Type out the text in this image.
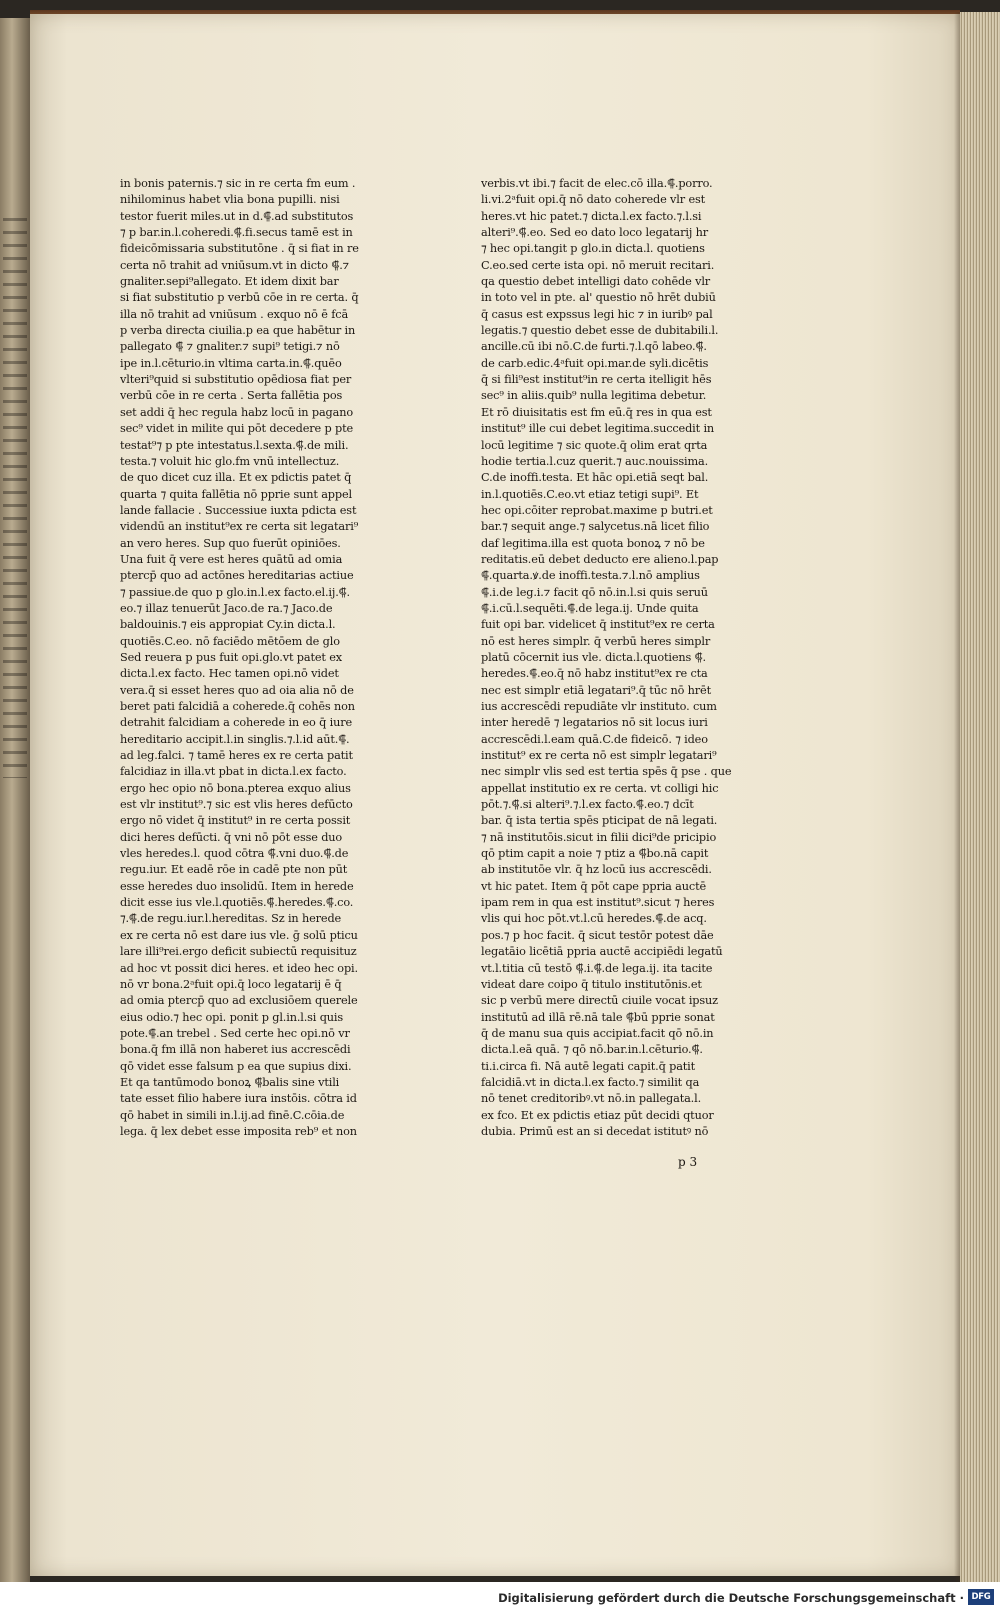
in bonis paternis.⁊ sic in re certa fm eum .
nihilominus habet vlia bona pupilli. nisi
testor fuerit miles.ut in d.⸿.ad substitutos
⁊ p bar.in.l.coheredi.⸿.fi.secus tamē est in
fideicōmissaria substitutōne . q̄ si fiat in re
certa nō trahit ad vniūsum.vt in dicto ⸿.⁊
gnaliter.sepi⁹allegato. Et idem dixit bar
si fiat substitutio p verbū cōe in re certa. q̄
illa nō trahit ad vniūsum . exquo nō ē fcā
p verba directa ciuilia.p ea que habētur in
pallegato ⸿ ⁊ gnaliter.⁊ supi⁹ tetigi.⁊ nō
ipe in.l.cēturio.in vltima carta.in.⸿.quēo
vlteri⁹quid si substitutio opēdiosa fiat per
verbū cōe in re certa . Serta fallētia pos
set addi q̄ hec regula habz locū in pagano
sec⁹ videt in milite qui pōt decedere p pte
testat⁹⁊ p pte intestatus.l.sexta.⸿.de mili.
testa.⁊ voluit hic glo.fm vnū intellectuz.
de quo dicet cuz illa. Et ex pdictis patet q̄
quarta ⁊ quita fallētia nō pprie sunt appel
lande fallacie . Successiue iuxta pdicta est
videndū an institut⁹ex re certa sit legatari⁹
an vero heres. Sup quo fuerūt opiniōes.
Una fuit q̄ vere est heres quātū ad omia
ptercp̄ quo ad actōnes hereditarias actiue
⁊ passiue.de quo p glo.in.l.ex facto.el.ij.⸿.
eo.⁊ illaz tenuerūt Jaco.de ra.⁊ Jaco.de
baldouinis.⁊ eis appropiat Cy.in dicta.l.
quotiēs.C.eo. nō faciēdo mētōem de glo
Sed reuera p pus fuit opi.glo.vt patet ex
dicta.l.ex facto. Hec tamen opi.nō videt
vera.q̄ si esset heres quo ad oia alia nō de
beret pati falcidiā a coherede.q̄ cohēs non
detrahit falcidiam a coherede in eo q̄ iure
hereditario accipit.l.in singlis.⁊.l.id aūt.⸿.
ad leg.falci. ⁊ tamē heres ex re certa patit
falcidiaz in illa.vt pbat in dicta.l.ex facto.
ergo hec opio nō bona.pterea exquo alius
est vlr institut⁹.⁊ sic est vlis heres defūcto
ergo nō videt q̄ institut⁹ in re certa possit
dici heres defūcti. q̄ vni nō pōt esse duo
vles heredes.l. quod cōtra ⸿.vni duo.⸿.de
regu.iur. Et eadē rōe in cadē pte non pūt
esse heredes duo insolidū. Item in herede
dicit esse ius vle.l.quotiēs.⸿.heredes.⸿.co.
⁊.⸿.de regu.iur.l.hereditas. Sz in herede
ex re certa nō est dare ius vle. ḡ solū pticu
lare illi⁹rei.ergo deficit subiectū requisituz
ad hoc vt possit dici heres. et ideo hec opi.
nō vr bona.2ᵃfuit opi.q̄ loco legatarij ē q̄
ad omia ptercp̄ quo ad exclusiōem querele
eius odio.⁊ hec opi. ponit p gl.in.l.si quis
pote.⸿.an trebel . Sed certe hec opi.nō vr
bona.q̄ fm illā non haberet ius accrescēdi
qō videt esse falsum p ea que supius dixi.
Et qa tantūmodo bonoꝝ ⸿balis sine vtili
tate esset filio habere iura instōis. cōtra id
qō habet in simili in.l.ij.ad finē.C.cōia.de
lega. q̄ lex debet esse imposita reb⁹ et non
verbis.vt ibi.⁊ facit de elec.cō illa.⸿.porro.
li.vi.2ᵃfuit opi.q̄ nō dato coherede vlr est
heres.vt hic patet.⁊ dicta.l.ex facto.⁊.l.si
alteri⁹.⸿.eo. Sed eo dato loco legatarij hr
⁊ hec opi.tangit p glo.in dicta.l. quotiens
C.eo.sed certe ista opi. nō meruit recitari.
qa questio debet intelligi dato cohēde vlr
in toto vel in pte. al' questio nō hrēt dubiū
q̄ casus est expssus legi hic ⁊ in iuribꝰ pal
legatis.⁊ questio debet esse de dubitabili.l.
ancille.cū ibi nō.C.de furti.⁊.l.qō labeo.⸿.
de carb.edic.4ᵃfuit opi.mar.de syli.dicētis
q̄ si fili⁹est institut⁹in re certa itelligit hēs
sec⁹ in aliis.quib⁹ nulla legitima debetur.
Et rō diuisitatis est fm eū.q̄ res in qua est
institut⁹ ille cui debet legitima.succedit in
locū legitime ⁊ sic quote.q̄ olim erat qrta
hodie tertia.l.cuz querit.⁊ auc.nouissima.
C.de inoffi.testa. Et hāc opi.etiā seqt bal.
in.l.quotiēs.C.eo.vt etiaz tetigi supi⁹. Et
hec opi.cōiter reprobat.maxime p butri.et
bar.⁊ sequit ange.⁊ salycetus.nā licet filio
daf legitima.illa est quota bonoꝝ ⁊ nō be
reditatis.eū debet deducto ere alieno.l.pap
⸿.quarta.ꝟ.de inoffi.testa.⁊.l.nō amplius
⸿.i.de leg.i.⁊ facit qō nō.in.l.si quis seruū
⸿.i.cū.l.sequēti.⸿.de lega.ij. Unde quita
fuit opi bar. videlicet q̄ institut⁹ex re certa
nō est heres simplr. q̄ verbū heres simplr
platū cōcernit ius vle. dicta.l.quotiens ⸿.
heredes.⸿.eo.q̄ nō habz institut⁹ex re cta
nec est simplr etiā legatari⁹.q̄ tūc nō hrēt
ius accrescēdi repudiāte vlr instituto. cum
inter heredē ⁊ legatarios nō sit locus iuri
accrescēdi.l.eam quā.C.de fideicō. ⁊ ideo
institut⁹ ex re certa nō est simplr legatari⁹
nec simplr vlis sed est tertia spēs q̄ pse . que
appellat institutio ex re certa. vt colligi hic
pōt.⁊.⸿.si alteri⁹.⁊.l.ex facto.⸿.eo.⁊ dcīt
bar. q̄ ista tertia spēs pticipat de nā legati.
⁊ nā institutōis.sicut in filii dici⁹de pricipio
qō ptim capit a noie ⁊ ptiz a ⸿bo.nā capit
ab institutōe vlr. q̄ hz locū ius accrescēdi.
vt hic patet. Item q̄ pōt cape ppria auctē
ipam rem in qua est institut⁹.sicut ⁊ heres
vlis qui hoc pōt.vt.l.cū heredes.⸿.de acq.
pos.⁊ p hoc facit. q̄ sicut testōr potest dāe
legatāio licētiā ppria auctē accipiēdi legatū
vt.l.titia cū testō ⸿.i.⸿.de lega.ij. ita tacite
videat dare coipo q̄ titulo institutōnis.et
sic p verbū mere directū ciuile vocat ipsuz
institutū ad illā rē.nā tale ⸿bū pprie sonat
q̄ de manu sua quis accipiat.facit qō nō.in
dicta.l.eā quā. ⁊ qō nō.bar.in.l.cēturio.⸿.
ti.i.circa fi. Nā autē legati capit.q̄ patit
falcidiā.vt in dicta.l.ex facto.⁊ similit qa
nō tenet creditoribꝰ.vt nō.in pallegata.l.
ex fco. Et ex pdictis etiaz pūt decidi qtuor
dubia. Primū est an si decedat istitutꝰ nō
p 3
Digitalisierung gefördert durch die Deutsche Forschungsgemeinschaft · DFG
